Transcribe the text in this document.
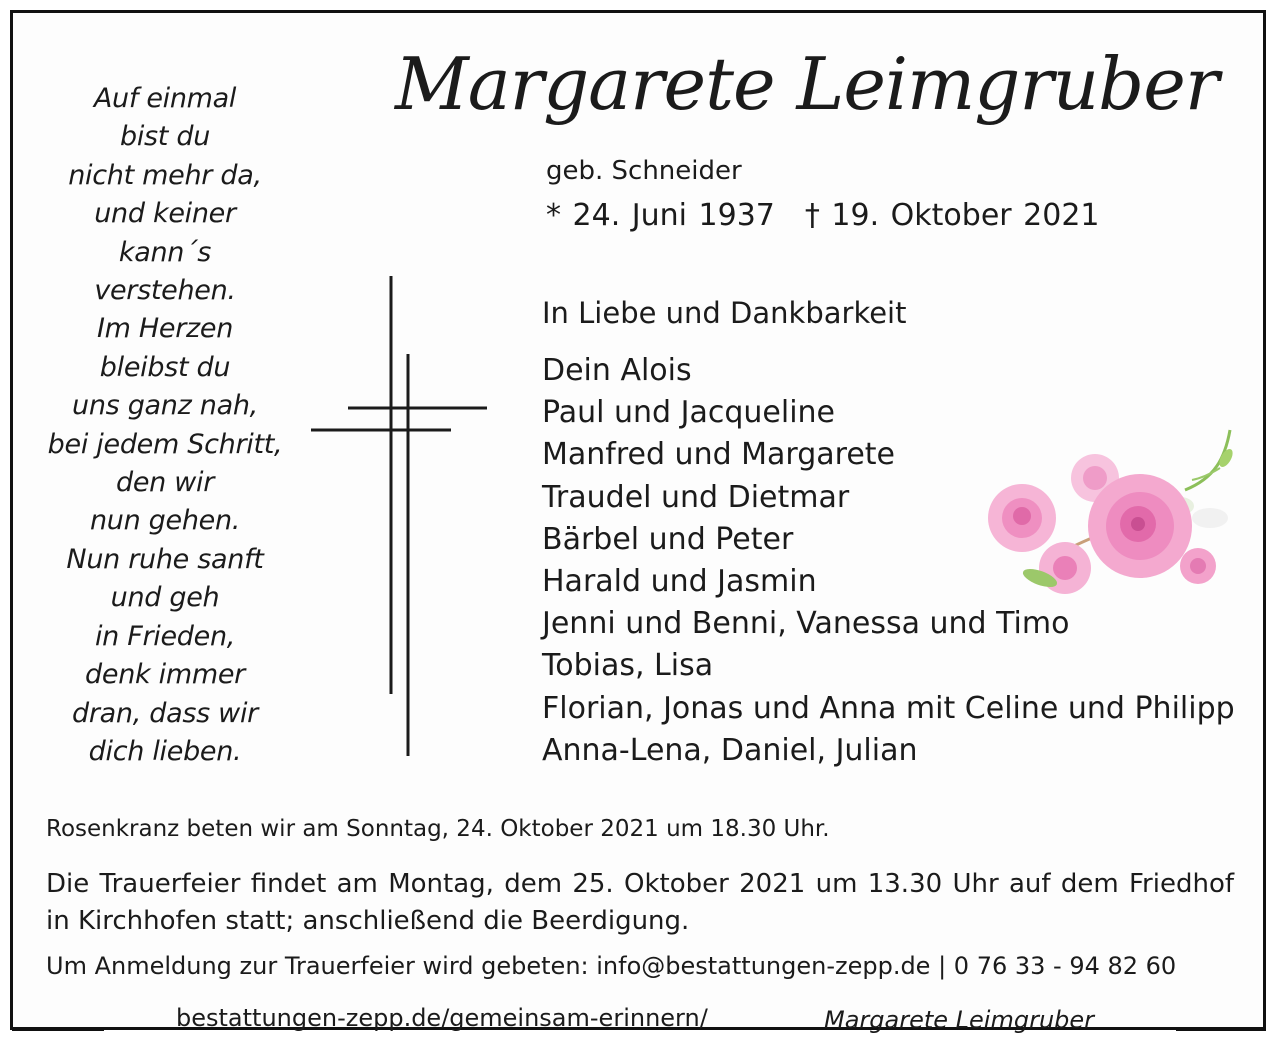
Auf einmal
bist du
nicht mehr da,
und keiner
kann´s
verstehen.
Im Herzen
bleibst du
uns ganz nah,
bei jedem Schritt,
den wir
nun gehen.
Nun ruhe sanft
und geh
in Frieden,
denk immer
dran, dass wir
dich lieben.
Margarete Leimgruber
geb. Schneider
* 24. Juni 1937 † 19. Oktober 2021
In Liebe und Dankbarkeit
Dein Alois
Paul und Jacqueline
Manfred und Margarete
Traudel und Dietmar
Bärbel und Peter
Harald und Jasmin
Jenni und Benni, Vanessa und Timo
Tobias, Lisa
Florian, Jonas und Anna mit Celine und Philipp
Anna-Lena, Daniel, Julian
Rosenkranz beten wir am Sonntag, 24. Oktober 2021 um 18.30 Uhr.
Die Trauerfeier findet am Montag, dem 25. Oktober 2021 um 13.30 Uhr auf dem Friedhof in Kirchhofen statt; anschließend die Beerdigung.
Um Anmeldung zur Trauerfeier wird gebeten: info@bestattungen-zepp.de | 0 76 33 - 94 82 60
bestattungen-zepp.de/gemeinsam-erinnern/	Margarete Leimgruber
